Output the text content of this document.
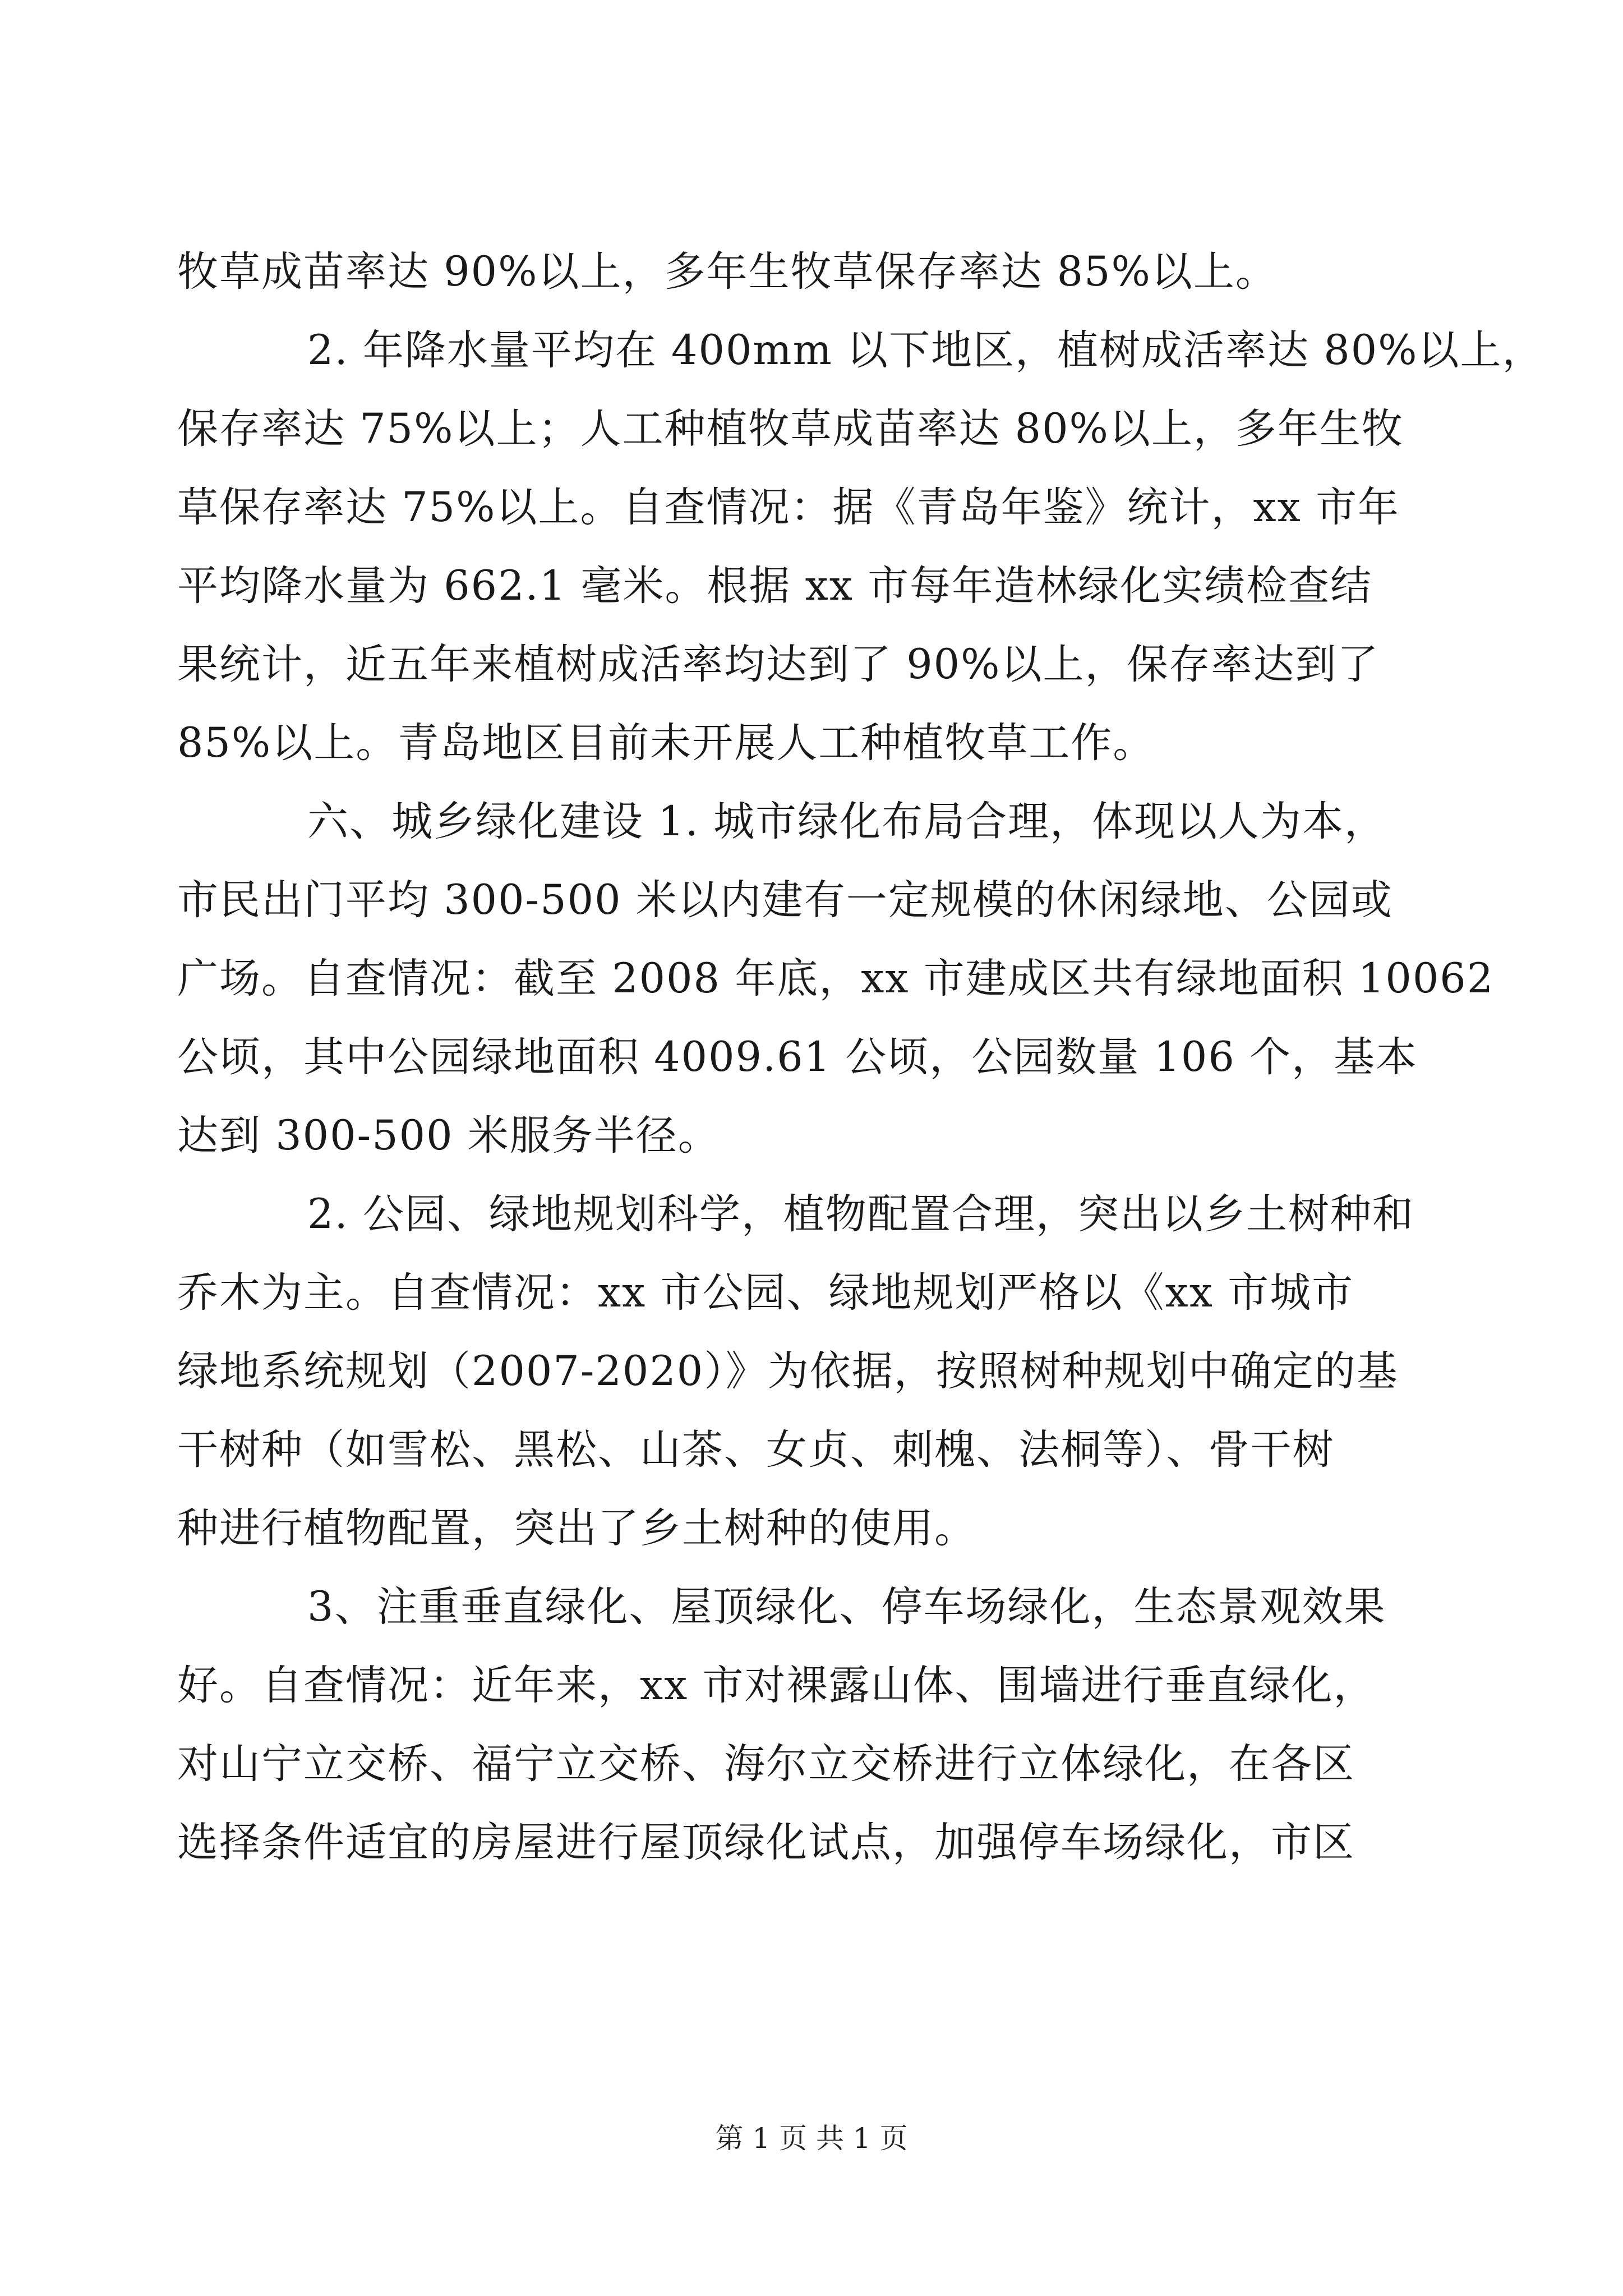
牧草成苗率达 90%以上，多年生牧草保存率达 85%以上。
2. 年降水量平均在 400mm 以下地区，植树成活率达 80%以上，
保存率达 75%以上；人工种植牧草成苗率达 80%以上，多年生牧
草保存率达 75%以上。自查情况：据《青岛年鉴》统计，xx 市年
平均降水量为 662.1 毫米。根据 xx 市每年造林绿化实绩检查结
果统计，近五年来植树成活率均达到了 90%以上，保存率达到了
85%以上。青岛地区目前未开展人工种植牧草工作。
六、城乡绿化建设 1. 城市绿化布局合理，体现以人为本，
市民出门平均 300-500 米以内建有一定规模的休闲绿地、公园或
广场。自查情况：截至 2008 年底，xx 市建成区共有绿地面积 10062
公顷，其中公园绿地面积 4009.61 公顷，公园数量 106 个，基本
达到 300-500 米服务半径。
2. 公园、绿地规划科学，植物配置合理，突出以乡土树种和
乔木为主。自查情况：xx 市公园、绿地规划严格以《xx 市城市
绿地系统规划（2007-2020）》为依据，按照树种规划中确定的基
干树种（如雪松、黑松、山茶、女贞、刺槐、法桐等）、骨干树
种进行植物配置，突出了乡土树种的使用。
3、注重垂直绿化、屋顶绿化、停车场绿化，生态景观效果
好。自查情况：近年来，xx 市对裸露山体、围墙进行垂直绿化，
对山宁立交桥、福宁立交桥、海尔立交桥进行立体绿化，在各区
选择条件适宜的房屋进行屋顶绿化试点，加强停车场绿化，市区
第 1 页 共 1 页
